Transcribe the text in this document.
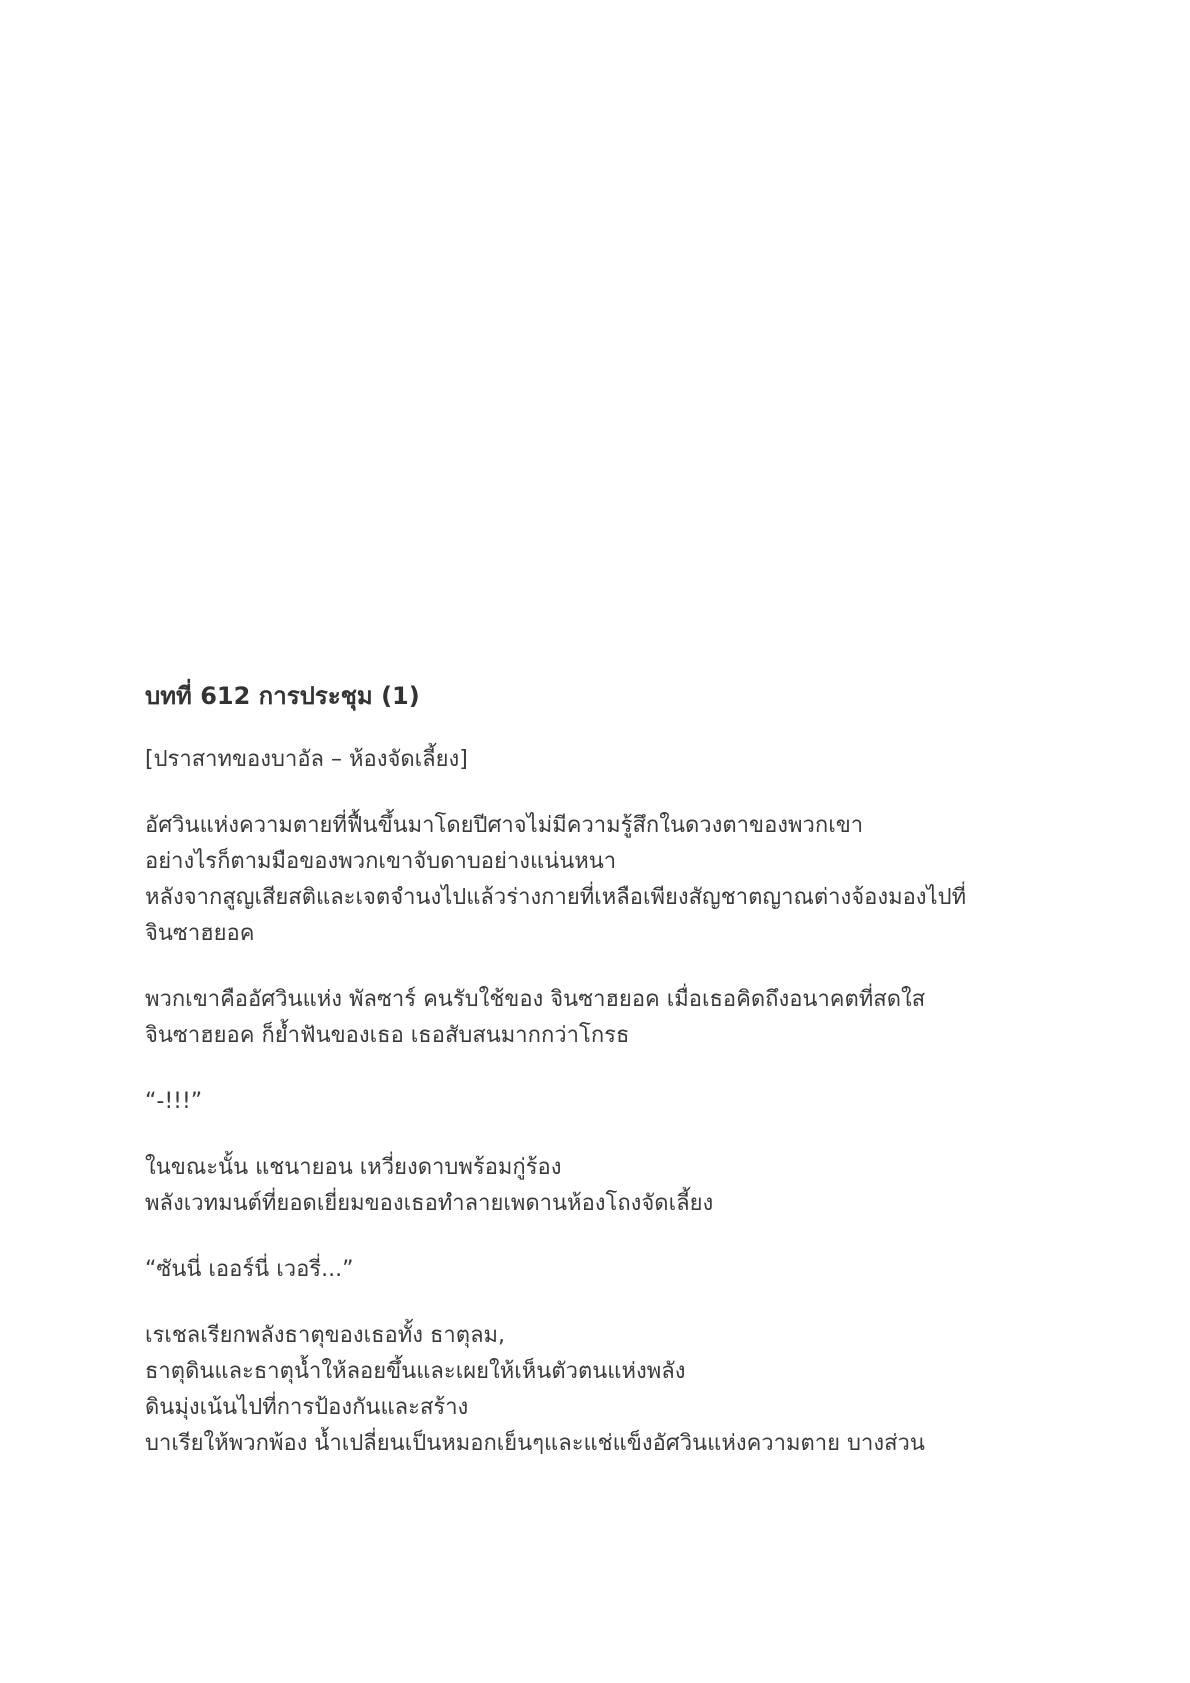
บทที่ 612 การประชุม (1)
[ปราสาทของบาอัล – ห้องจัดเลี้ยง]
อัศวินแห่งความตายที่ฟื้นขึ้นมาโดยปีศาจไม่มีความรู้สึกในดวงตาของพวกเขา
อย่างไรก็ตามมือของพวกเขาจับดาบอย่างแน่นหนา
หลังจากสูญเสียสติและเจตจำนงไปแล้วร่างกายที่เหลือเพียงสัญชาตญาณต่างจ้องมองไปที่
จินซาฮยอค
พวกเขาคืออัศวินแห่ง พัลซาร์ คนรับใช้ของ จินซาฮยอค เมื่อเธอคิดถึงอนาคตที่สดใส
จินซาฮยอค ก็ย้ำฟันของเธอ เธอสับสนมากกว่าโกรธ
“-!!!”
ในขณะนั้น แชนายอน เหวี่ยงดาบพร้อมกู่ร้อง
พลังเวทมนต์ที่ยอดเยี่ยมของเธอทำลายเพดานห้องโถงจัดเลี้ยง
“ซันนี่ เออร์นี่ เวอรี่...”
เรเชลเรียกพลังธาตุของเธอทั้ง ธาตุลม,
ธาตุดินและธาตุน้ำให้ลอยขึ้นและเผยให้เห็นตัวตนแห่งพลัง
ดินมุ่งเน้นไปที่การป้องกันและสร้าง
บาเรียให้พวกพ้อง น้ำเปลี่ยนเป็นหมอกเย็นๆและแช่แข็งอัศวินแห่งความตาย บางส่วน
